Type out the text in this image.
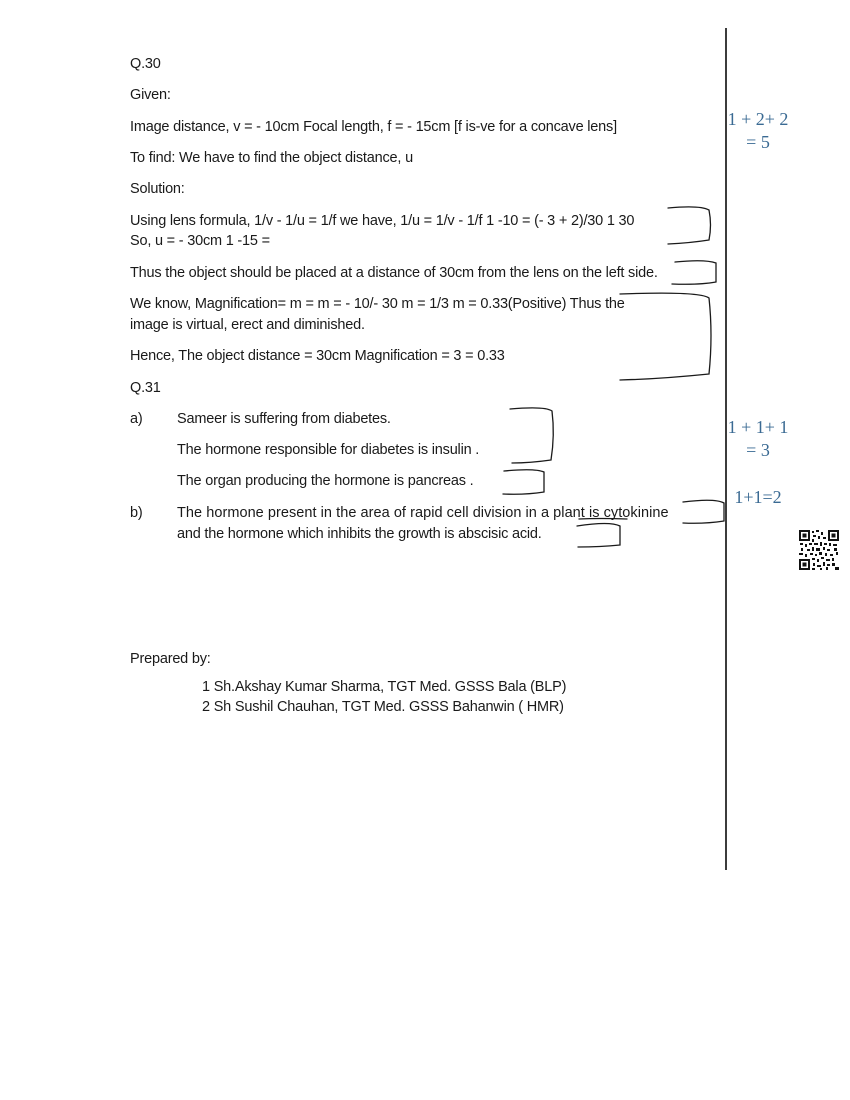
Q.30
Given:
Image distance, v = - 10cm Focal length, f = - 15cm [f is-ve for a concave lens]
To find: We have to find the object distance, u
Solution:
Using lens formula, 1/v - 1/u = 1/f we have, 1/u = 1/v - 1/f 1 -10 = (- 3 + 2)/30 1 30
So, u = - 30cm 1 -15 =
Thus the object should be placed at a distance of 30cm from the lens on the left side.
We know, Magnification= m = m = - 10/- 30 m = 1/3 m = 0.33(Positive) Thus the
image is virtual, erect and diminished.
Hence, The object distance = 30cm Magnification = 3 = 0.33
Q.31
a) Sameer is suffering from diabetes.
The hormone responsible for diabetes is insulin .
The organ producing the hormone is pancreas .
b) The hormone present in the area of rapid cell division in a plant is cytokinine
and the hormone which inhibits the growth is abscisic acid.
Prepared by:
1 Sh.Akshay Kumar Sharma, TGT Med. GSSS Bala (BLP)
2 Sh Sushil Chauhan, TGT Med. GSSS Bahanwin ( HMR)
1 + 2+ 2
= 5
1 + 1+ 1
= 3
1+1=2
